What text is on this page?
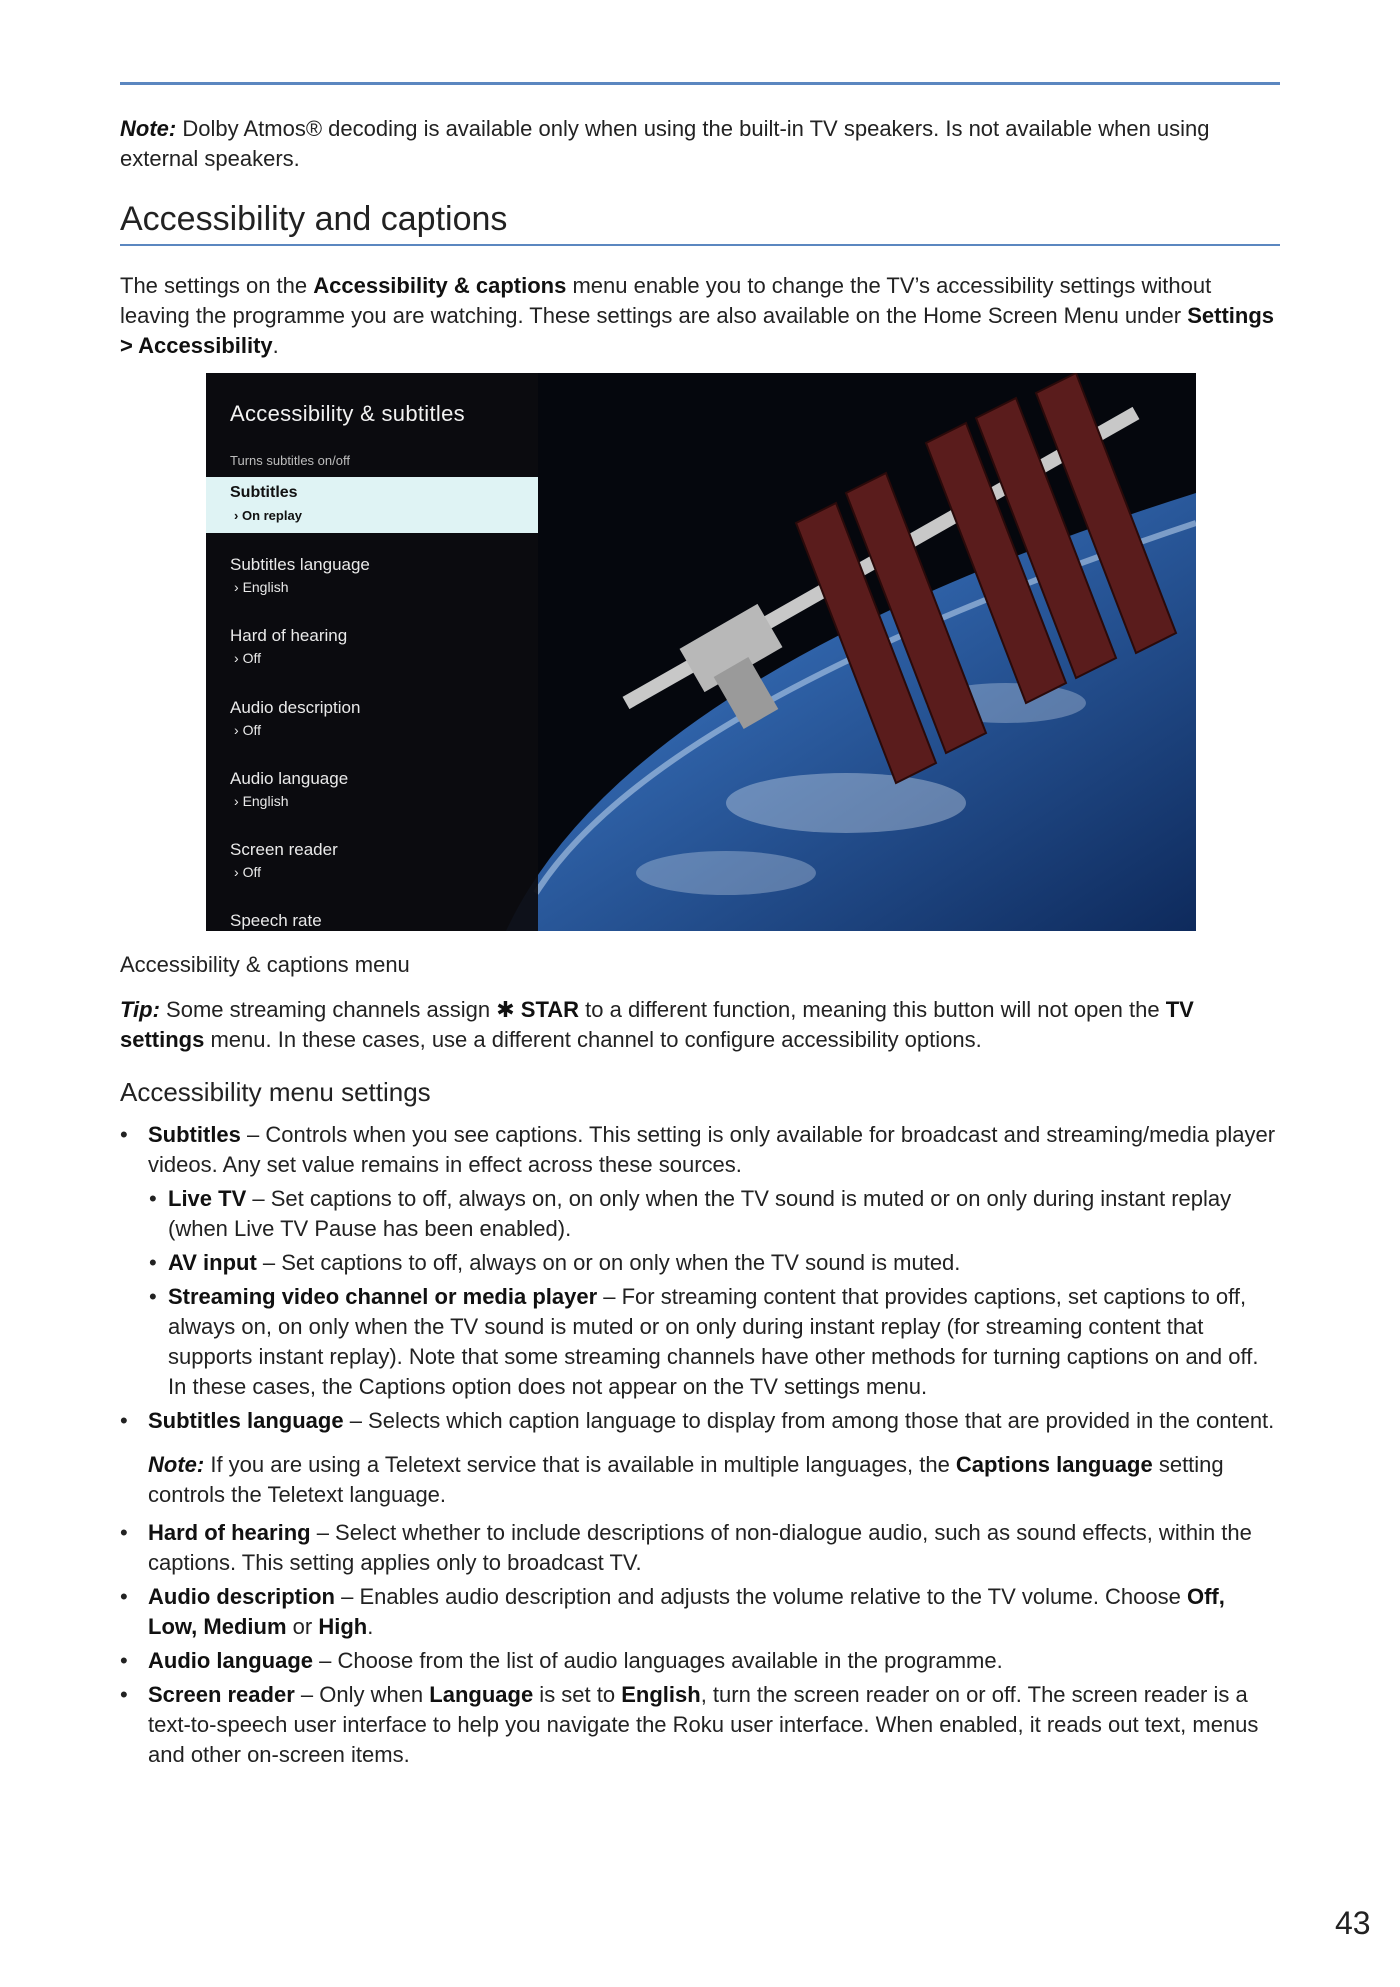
Note: Dolby Atmos® decoding is available only when using the built-in TV speakers. Is not available when using external speakers.

Accessibility and captions

The settings on the Accessibility & captions menu enable you to change the TV’s accessibility settings without leaving the programme you are watching. These settings are also available on the Home Screen Menu under Settings > Accessibility.

Accessibility & subtitles
Turns subtitles on/off
Subtitles
› On replay
Subtitles language
› English
Hard of hearing
› Off
Audio description
› Off
Audio language
› English
Screen reader
› Off
Speech rate
Accessibility & captions menu

Tip: Some streaming channels assign ✱ STAR to a different function, meaning this button will not open the TV settings menu. In these cases, use a different channel to configure accessibility options.

Accessibility menu settings
• Subtitles – Controls when you see captions. This setting is only available for broadcast and streaming/media player videos. Any set value remains in effect across these sources.
• Live TV – Set captions to off, always on, on only when the TV sound is muted or on only during instant replay (when Live TV Pause has been enabled).
• AV input – Set captions to off, always on or on only when the TV sound is muted.
• Streaming video channel or media player – For streaming content that provides captions, set captions to off, always on, on only when the TV sound is muted or on only during instant replay (for streaming content that supports instant replay). Note that some streaming channels have other methods for turning captions on and off. In these cases, the Captions option does not appear on the TV settings menu.
• Subtitles language – Selects which caption language to display from among those that are provided in the content.
Note: If you are using a Teletext service that is available in multiple languages, the Captions language setting controls the Teletext language.
• Hard of hearing – Select whether to include descriptions of non-dialogue audio, such as sound effects, within the captions. This setting applies only to broadcast TV.
• Audio description – Enables audio description and adjusts the volume relative to the TV volume. Choose Off, Low, Medium or High.
• Audio language – Choose from the list of audio languages available in the programme.
• Screen reader – Only when Language is set to English, turn the screen reader on or off. The screen reader is a text-to-speech user interface to help you navigate the Roku user interface. When enabled, it reads out text, menus and other on-screen items.
43
